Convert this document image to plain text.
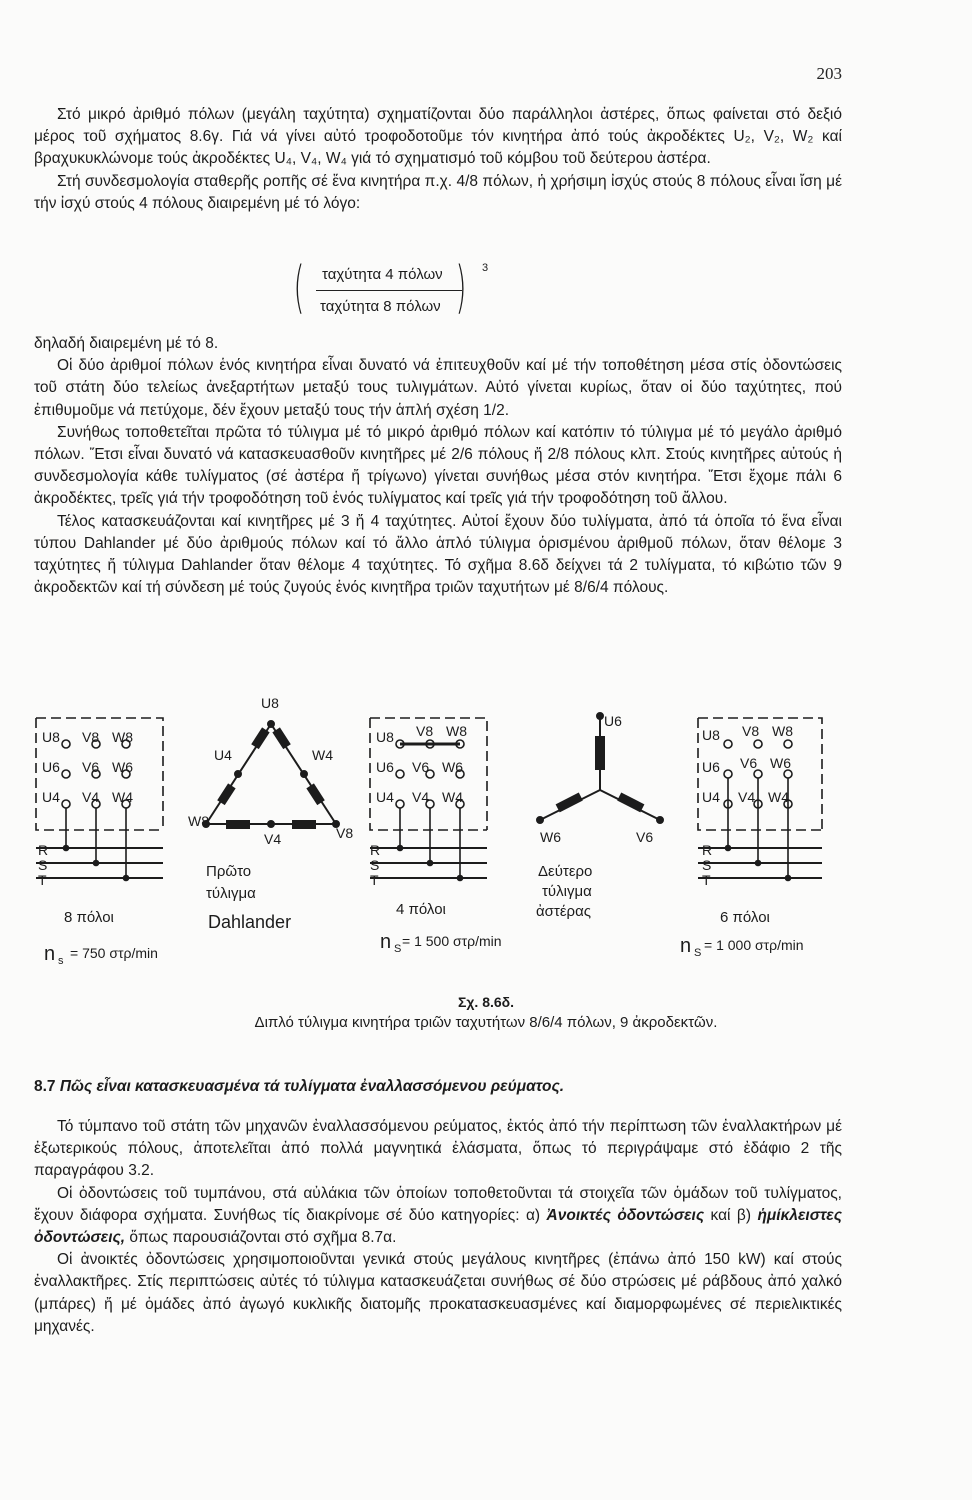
203

Στό μικρό ἀριθμό πόλων (μεγάλη ταχύτητα) σχηματίζονται δύο παράλληλοι ἀστέρες, ὅπως φαίνεται στό δεξιό μέρος τοῦ σχήματος 8.6γ. Γιά νά γίνει αὐτό τροφοδοτοῦμε τόν κινητήρα ἀπό τούς ἀκροδέκτες U₂, V₂, W₂ καί βραχυκυκλώνομε τούς ἀκροδέκτες U₄, V₄, W₄ γιά τό σχηματισμό τοῦ κόμβου τοῦ δεύτερου ἀστέρα.

Στή συνδεσμολογία σταθερῆς ροπῆς σέ ἕνα κινητήρα π.χ. 4/8 πόλων, ἡ χρήσιμη ἰσχύς στούς 8 πόλους εἶναι ἴση μέ τήν ἰσχύ στούς 4 πόλους διαιρεμένη μέ τό λόγο:

( ταχύτητα 4 πόλων
ταχύτητα 8 πόλων ) 3

δηλαδή διαιρεμένη μέ τό 8.

Οἱ δύο ἀριθμοί πόλων ἑνός κινητήρα εἶναι δυνατό νά ἐπιτευχθοῦν καί μέ τήν τοποθέτηση μέσα στίς ὀδοντώσεις τοῦ στάτη δύο τελείως ἀνεξαρτήτων μεταξύ τους τυλιγμάτων. Αὐτό γίνεται κυρίως, ὅταν οἱ δύο ταχύτητες, πού ἐπιθυμοῦμε νά πετύχομε, δέν ἔχουν μεταξύ τους τήν ἁπλή σχέση 1/2.

Συνήθως τοποθετεῖται πρῶτα τό τύλιγμα μέ τό μικρό ἀριθμό πόλων καί κατόπιν τό τύλιγμα μέ τό μεγάλο ἀριθμό πόλων. Ἔτσι εἶναι δυνατό νά κατασκευασθοῦν κινητῆρες μέ 2/6 πόλους ἤ 2/8 πόλους κλπ. Στούς κινητῆρες αὐτούς ἡ συνδεσμολογία κάθε τυλίγματος (σέ ἀστέρα ἤ τρίγωνο) γίνεται συνήθως μέσα στόν κινητήρα. Ἔτσι ἔχομε πάλι 6 ἀκροδέκτες, τρεῖς γιά τήν τροφοδότηση τοῦ ἑνός τυλίγματος καί τρεῖς γιά τήν τροφοδότηση τοῦ ἄλλου.

Τέλος κατασκευάζονται καί κινητῆρες μέ 3 ἤ 4 ταχύτητες. Αὐτοί ἔχουν δύο τυλίγματα, ἀπό τά ὁποῖα τό ἕνα εἶναι τύπου Dahlander μέ δύο ἀριθμούς πόλων καί τό ἄλλο ἁπλό τύλιγμα ὁρισμένου ἀριθμοῦ πόλων, ὅταν θέλομε 3 ταχύτητες ἤ τύλιγμα Dahlander ὅταν θέλομε 4 ταχύτητες. Τό σχῆμα 8.6δ δείχνει τά 2 τυλίγματα, τό κιβώτιο τῶν 9 ἀκροδεκτῶν καί τή σύνδεση μέ τούς ζυγούς ἑνός κινητῆρα τριῶν ταχυτήτων μέ 8/6/4 πόλους.

U8 V8 W8
U6 V6 W6
U4 V4 W4
R
S
T
8 πόλοι
n s = 750 στρ/min
U8
U4	W4
W8
V4	V8
Πρῶτο
τύλιγμα
Dahlander
U8 V8 W8
U6 V6 W6
U4 V4 W4
R
S
T
4 πόλοι
n S = 1 500 στρ/min
U6
W6	V6
Δεύτερο
τύλιγμα
ἀστέρας
U8 V8 W8
U6 V6 W6
U4 V4 W4
R
S
T
6 πόλοι
n S = 1 000 στρ/min
Σχ. 8.6δ.
Διπλό τύλιγμα κινητήρα τριῶν ταχυτήτων 8/6/4 πόλων, 9 ἀκροδεκτῶν.
8.7 Πῶς εἶναι κατασκευασμένα τά τυλίγματα ἐναλλασσόμενου ρεύματος.

Τό τύμπανο τοῦ στάτη τῶν μηχανῶν ἐναλλασσόμενου ρεύματος, ἐκτός ἀπό τήν περίπτωση τῶν ἐναλλακτήρων μέ ἐξωτερικούς πόλους, ἀποτελεῖται ἀπό πολλά μαγνητικά ἐλάσματα, ὅπως τό περιγράψαμε στό ἐδάφιο 2 τῆς παραγράφου 3.2.

Οἱ ὀδοντώσεις τοῦ τυμπάνου, στά αὐλάκια τῶν ὁποίων τοποθετοῦνται τά στοιχεῖα τῶν ὁμάδων τοῦ τυλίγματος, ἔχουν διάφορα σχήματα. Συνήθως τίς διακρίνομε σέ δύο κατηγορίες: α) Ἀνοικτές ὀδοντώσεις καί β) ἡμίκλειστες ὀδοντώσεις, ὅπως παρουσιάζονται στό σχῆμα 8.7α.

Οἱ ἀνοικτές ὀδοντώσεις χρησιμοποιοῦνται γενικά στούς μεγάλους κινητῆρες (ἐπάνω ἀπό 150 kW) καί στούς ἐναλλακτῆρες. Στίς περιπτώσεις αὐτές τό τύλιγμα κατασκευάζεται συνήθως σέ δύο στρώσεις μέ ράβδους ἀπό χαλκό (μπάρες) ἤ μέ ὁμάδες ἀπό ἀγωγό κυκλικῆς διατομῆς προκατασκευασμένες καί διαμορφωμένες σέ περιελικτικές μηχανές.
